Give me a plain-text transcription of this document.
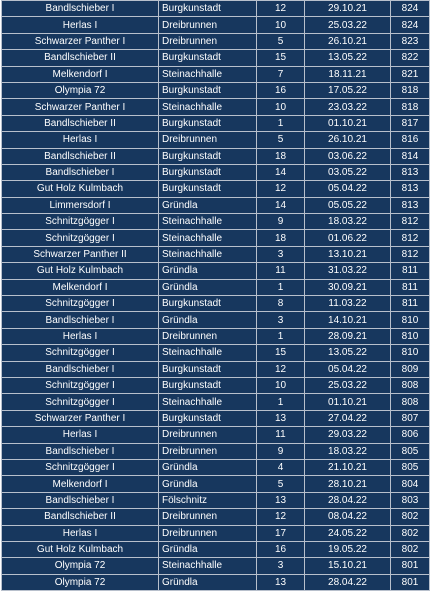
Bandlschieber I	Burgkunstadt	12	29.10.21	824
Herlas I	Dreibrunnen	10	25.03.22	824
Schwarzer Panther I	Dreibrunnen	5	26.10.21	823
Bandlschieber II	Burgkunstadt	15	13.05.22	822
Melkendorf I	Steinachhalle	7	18.11.21	821
Olympia 72	Burgkunstadt	16	17.05.22	818
Schwarzer Panther I	Steinachhalle	10	23.03.22	818
Bandlschieber II	Burgkunstadt	1	01.10.21	817
Herlas I	Dreibrunnen	5	26.10.21	816
Bandlschieber II	Burgkunstadt	18	03.06.22	814
Bandlschieber I	Burgkunstadt	14	03.05.22	813
Gut Holz Kulmbach	Burgkunstadt	12	05.04.22	813
Limmersdorf I	Gründla	14	05.05.22	813
Schnitzgögger I	Steinachhalle	9	18.03.22	812
Schnitzgögger I	Steinachhalle	18	01.06.22	812
Schwarzer Panther II	Steinachhalle	3	13.10.21	812
Gut Holz Kulmbach	Gründla	11	31.03.22	811
Melkendorf I	Gründla	1	30.09.21	811
Schnitzgögger I	Burgkunstadt	8	11.03.22	811
Bandlschieber I	Gründla	3	14.10.21	810
Herlas I	Dreibrunnen	1	28.09.21	810
Schnitzgögger I	Steinachhalle	15	13.05.22	810
Bandlschieber I	Burgkunstadt	12	05.04.22	809
Schnitzgögger I	Burgkunstadt	10	25.03.22	808
Schnitzgögger I	Steinachhalle	1	01.10.21	808
Schwarzer Panther I	Burgkunstadt	13	27.04.22	807
Herlas I	Dreibrunnen	11	29.03.22	806
Bandlschieber I	Dreibrunnen	9	18.03.22	805
Schnitzgögger I	Gründla	4	21.10.21	805
Melkendorf I	Gründla	5	28.10.21	804
Bandlschieber I	Fölschnitz	13	28.04.22	803
Bandlschieber II	Dreibrunnen	12	08.04.22	802
Herlas I	Dreibrunnen	17	24.05.22	802
Gut Holz Kulmbach	Gründla	16	19.05.22	802
Olympia 72	Steinachhalle	3	15.10.21	801
Olympia 72	Gründla	13	28.04.22	801
